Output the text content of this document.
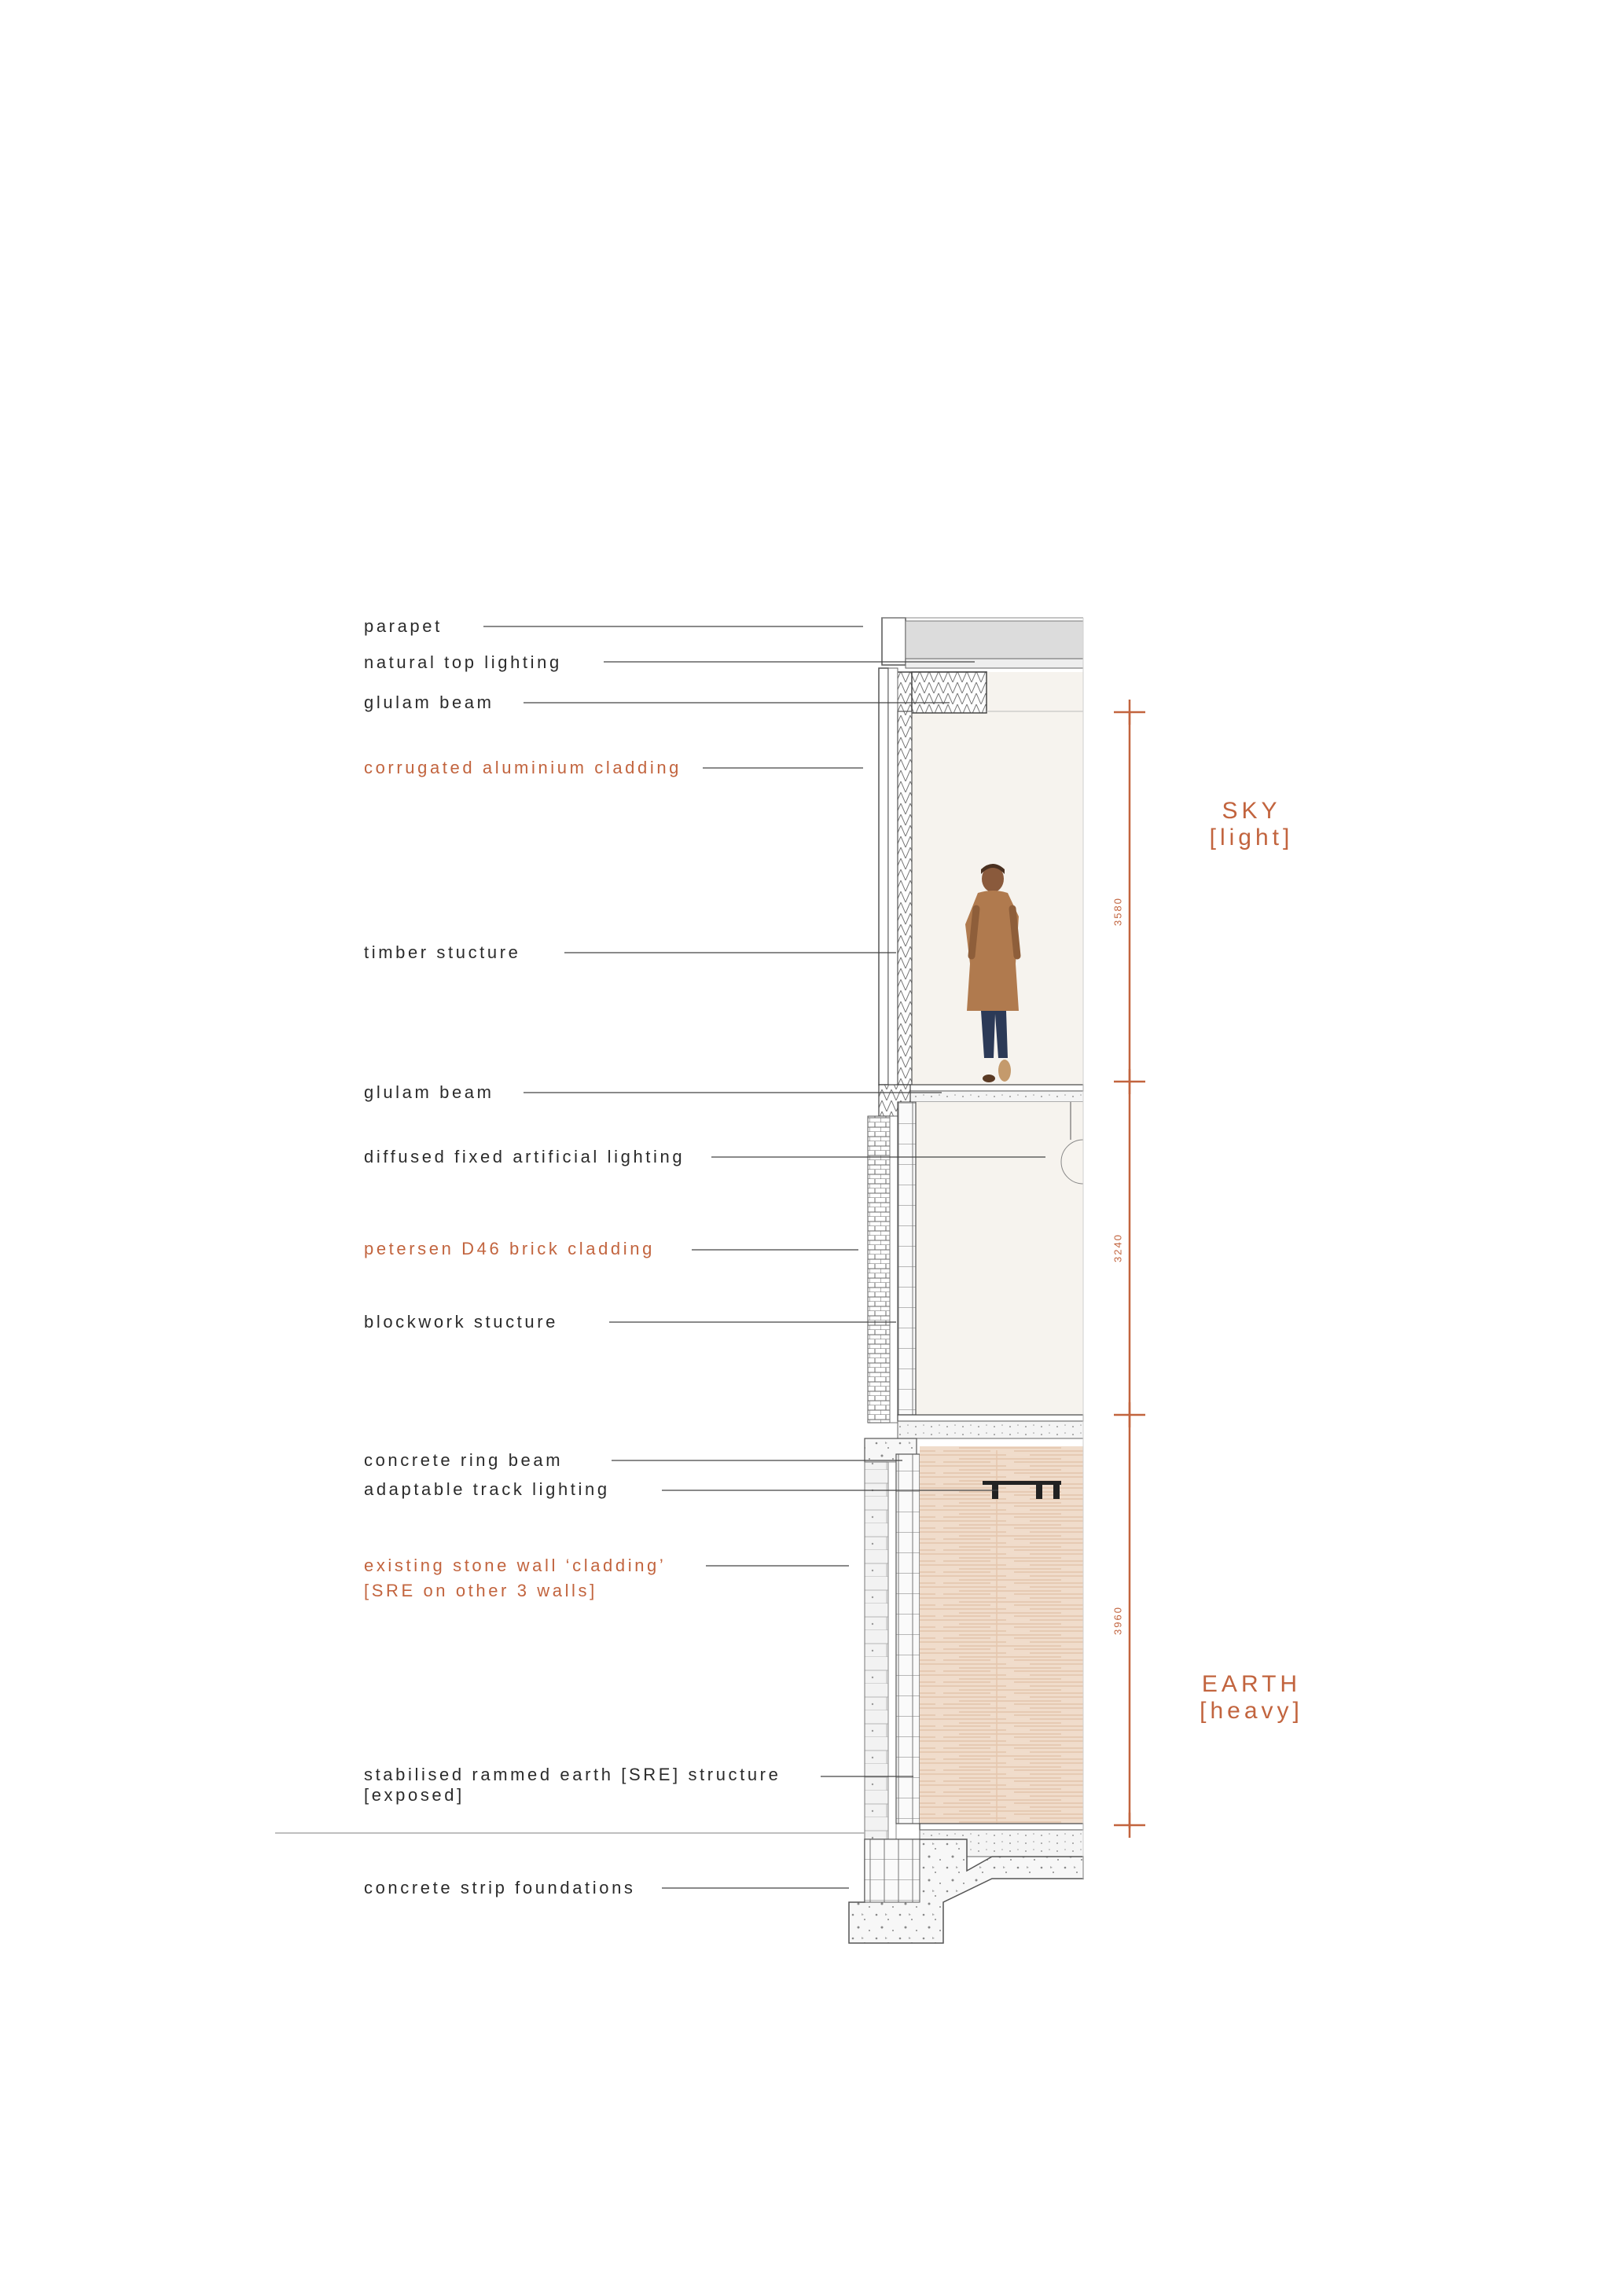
parapet
natural top lighting
glulam beam
corrugated aluminium cladding
timber stucture
glulam beam
diffused fixed artificial lighting
petersen D46 brick cladding
blockwork stucture
concrete ring beam
adaptable track lighting
existing stone wall ‘cladding’
[SRE on other 3 walls]
stabilised rammed earth [SRE] structure
[exposed]
concrete strip foundations
SKY
[light]
EARTH
[heavy]
3580
3240
3960
